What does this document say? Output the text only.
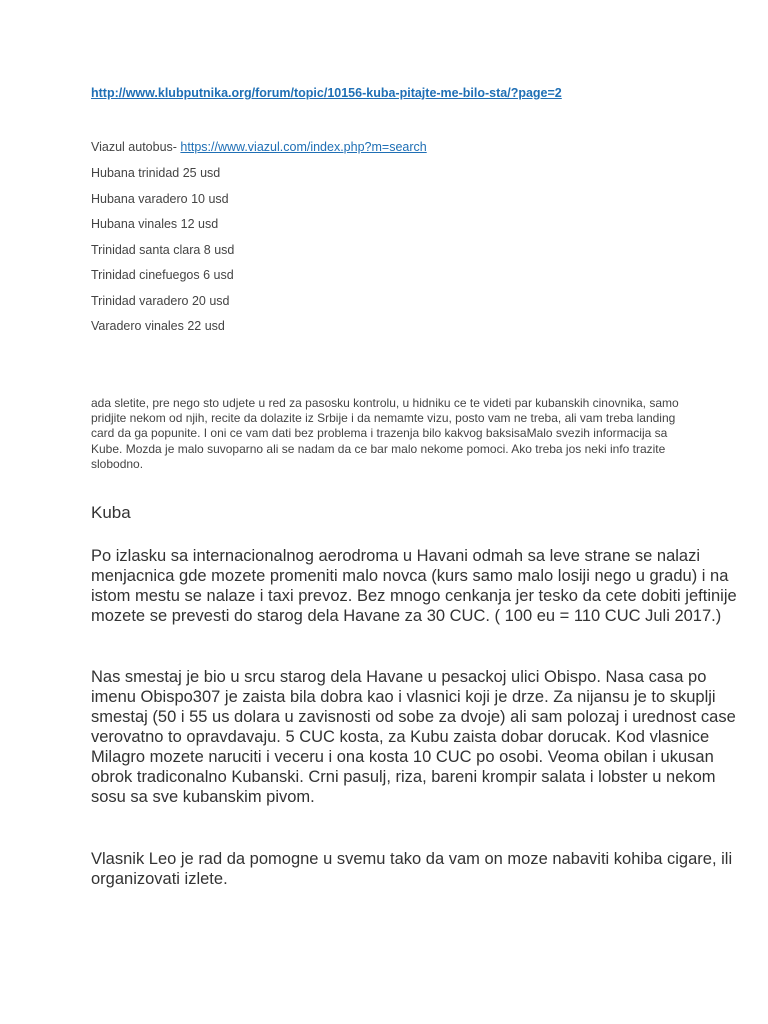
http://www.klubputnika.org/forum/topic/10156-kuba-pitajte-me-bilo-sta/?page=2
Viazul autobus- https://www.viazul.com/index.php?m=search
Hubana trinidad 25 usd
Hubana varadero 10 usd
Hubana vinales 12 usd
Trinidad santa clara 8 usd
Trinidad cinefuegos 6 usd
Trinidad varadero 20 usd
Varadero vinales 22 usd

ada sletite, pre nego sto udjete u red za pasosku kontrolu, u hidniku ce te videti par kubanskih cinovnika, samo pridjite nekom od njih, recite da dolazite iz Srbije i da nemamte vizu, posto vam ne treba, ali vam treba landing card da ga popunite. I oni ce vam dati bez problema i trazenja bilo kakvog baksisaMalo svezih informacija sa Kube. Mozda je malo suvoparno ali se nadam da ce bar malo nekome pomoci. Ako treba jos neki info trazite slobodno.

Kuba

Po izlasku sa internacionalnog aerodroma u Havani odmah sa leve strane se nalazi menjacnica gde mozete promeniti malo novca (kurs samo malo losiji nego u gradu) i na istom mestu se nalaze i taxi prevoz. Bez mnogo cenkanja jer tesko da cete dobiti jeftinije mozete se prevesti do starog dela Havane za 30 CUC. ( 100 eu = 110 CUC Juli 2017.)

Nas smestaj je bio u srcu starog dela Havane u pesackoj ulici Obispo. Nasa casa po imenu Obispo307 je zaista bila dobra kao i vlasnici koji je drze. Za nijansu je to skuplji smestaj (50 i 55 us dolara u zavisnosti od sobe za dvoje) ali sam polozaj i urednost case verovatno to opravdavaju. 5 CUC kosta, za Kubu zaista dobar dorucak. Kod vlasnice Milagro mozete naruciti i veceru i ona kosta 10 CUC po osobi. Veoma obilan i ukusan obrok tradiconalno Kubanski. Crni pasulj, riza, bareni krompir salata i lobster u nekom sosu sa sve kubanskim pivom.

Vlasnik Leo je rad da pomogne u svemu tako da vam on moze nabaviti kohiba cigare, ili organizovati izlete.
